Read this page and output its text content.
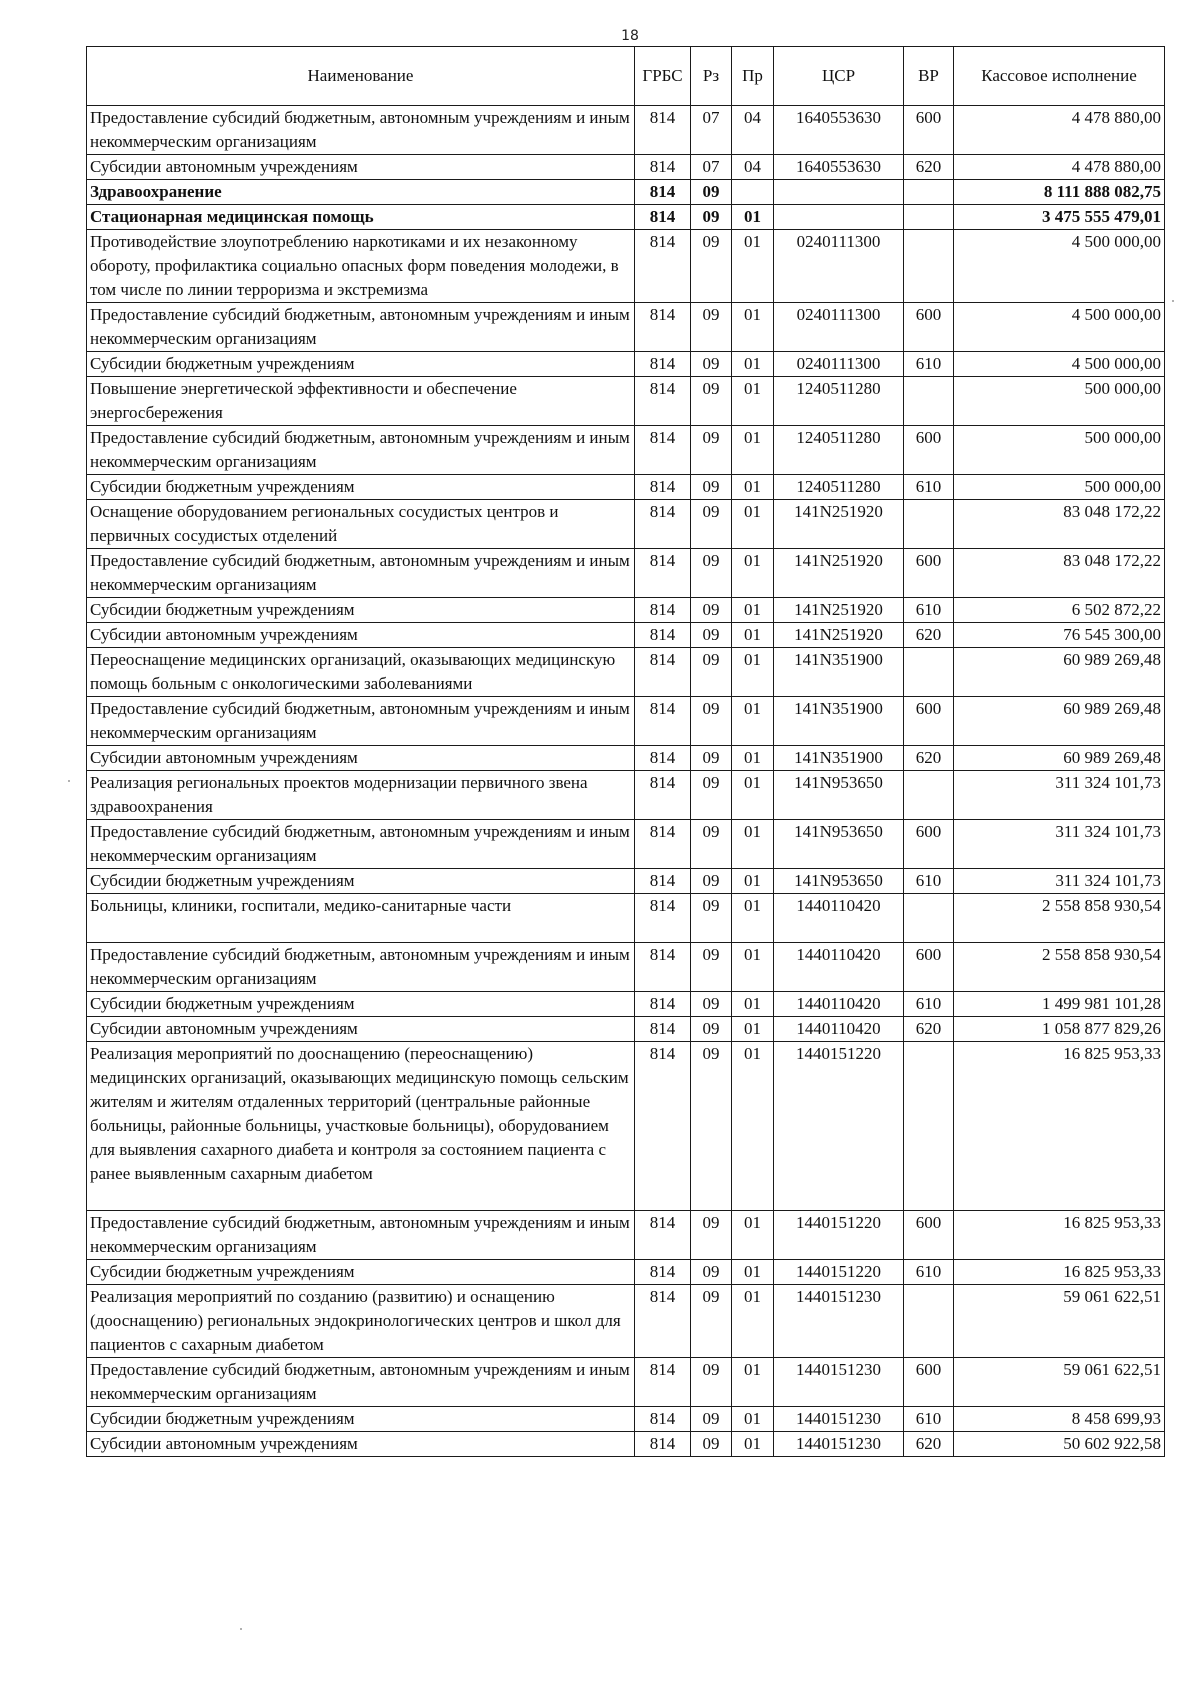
18
Наименование	ГРБС	Рз	Пр	ЦСР	ВР	Кассовое исполнение
Предоставление субсидий бюджетным, автономным учреждениям и иным некоммерческим организациям	814	07	04	1640553630	600	4 478 880,00
Субсидии автономным учреждениям	814	07	04	1640553630	620	4 478 880,00
Здравоохранение	814	09				8 111 888 082,75
Стационарная медицинская помощь	814	09	01			3 475 555 479,01
Противодействие злоупотреблению наркотиками и их незаконному обороту, профилактика социально опасных форм поведения молодежи, в том числе по линии терроризма и экстремизма	814	09	01	0240111300		4 500 000,00
Предоставление субсидий бюджетным, автономным учреждениям и иным некоммерческим организациям	814	09	01	0240111300	600	4 500 000,00
Субсидии бюджетным учреждениям	814	09	01	0240111300	610	4 500 000,00
Повышение энергетической эффективности и обеспечение энергосбережения	814	09	01	1240511280		500 000,00
Предоставление субсидий бюджетным, автономным учреждениям и иным некоммерческим организациям	814	09	01	1240511280	600	500 000,00
Субсидии бюджетным учреждениям	814	09	01	1240511280	610	500 000,00
Оснащение оборудованием региональных сосудистых центров и первичных сосудистых отделений	814	09	01	141N251920		83 048 172,22
Предоставление субсидий бюджетным, автономным учреждениям и иным некоммерческим организациям	814	09	01	141N251920	600	83 048 172,22
Субсидии бюджетным учреждениям	814	09	01	141N251920	610	6 502 872,22
Субсидии автономным учреждениям	814	09	01	141N251920	620	76 545 300,00
Переоснащение медицинских организаций, оказывающих медицинскую помощь больным с онкологическими заболеваниями	814	09	01	141N351900		60 989 269,48
Предоставление субсидий бюджетным, автономным учреждениям и иным некоммерческим организациям	814	09	01	141N351900	600	60 989 269,48
Субсидии автономным учреждениям	814	09	01	141N351900	620	60 989 269,48
Реализация региональных проектов модернизации первичного звена здравоохранения	814	09	01	141N953650		311 324 101,73
Предоставление субсидий бюджетным, автономным учреждениям и иным некоммерческим организациям	814	09	01	141N953650	600	311 324 101,73
Субсидии бюджетным учреждениям	814	09	01	141N953650	610	311 324 101,73
Больницы, клиники, госпитали, медико-санитарные части	814	09	01	1440110420		2 558 858 930,54
Предоставление субсидий бюджетным, автономным учреждениям и иным некоммерческим организациям	814	09	01	1440110420	600	2 558 858 930,54
Субсидии бюджетным учреждениям	814	09	01	1440110420	610	1 499 981 101,28
Субсидии автономным учреждениям	814	09	01	1440110420	620	1 058 877 829,26
Реализация мероприятий по дооснащению (переоснащению) медицинских организаций, оказывающих медицинскую помощь сельским жителям и жителям отдаленных территорий (центральные районные больницы, районные больницы, участковые больницы), оборудованием для выявления сахарного диабета и контроля за состоянием пациента с ранее выявленным сахарным диабетом	814	09	01	1440151220		16 825 953,33
Предоставление субсидий бюджетным, автономным учреждениям и иным некоммерческим организациям	814	09	01	1440151220	600	16 825 953,33
Субсидии бюджетным учреждениям	814	09	01	1440151220	610	16 825 953,33
Реализация мероприятий по созданию (развитию) и оснащению (дооснащению) региональных эндокринологических центров и школ для пациентов с сахарным диабетом	814	09	01	1440151230		59 061 622,51
Предоставление субсидий бюджетным, автономным учреждениям и иным некоммерческим организациям	814	09	01	1440151230	600	59 061 622,51
Субсидии бюджетным учреждениям	814	09	01	1440151230	610	8 458 699,93
Субсидии автономным учреждениям	814	09	01	1440151230	620	50 602 922,58
